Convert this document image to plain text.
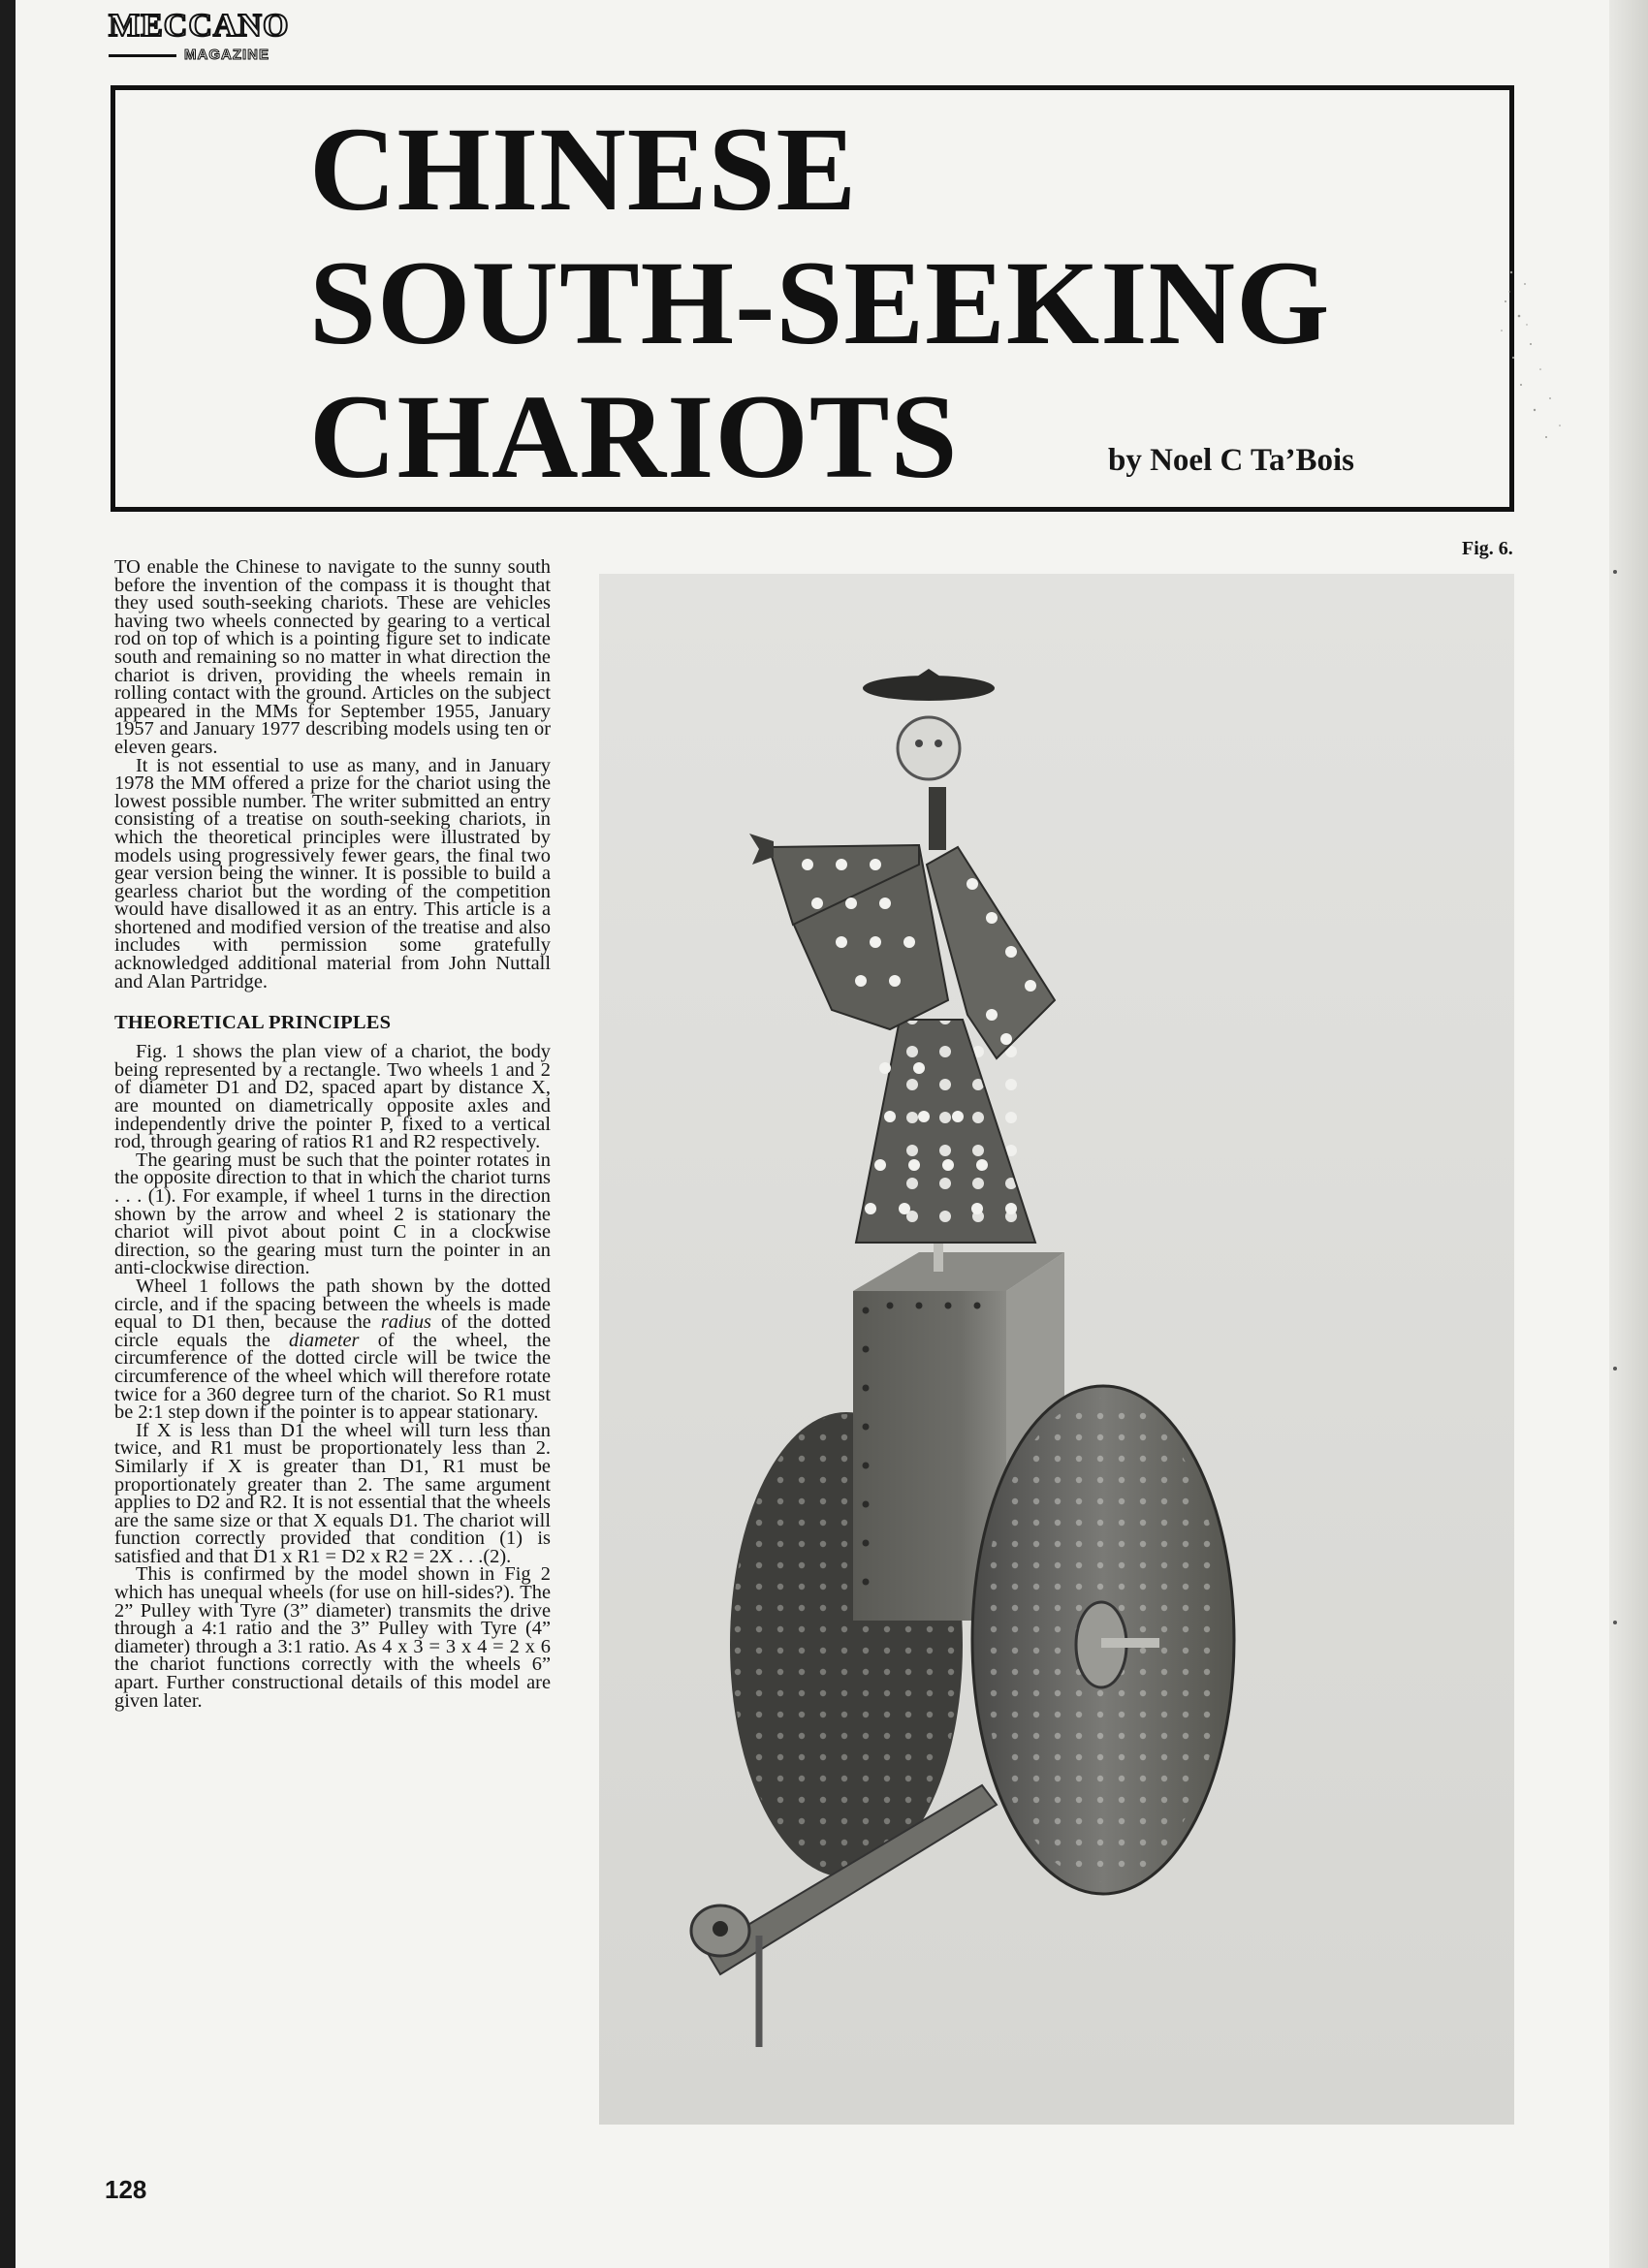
MECCANO
MAGAZINE
CHINESE
SOUTH-SEEKING
CHARIOTS	by Noel C Ta’Bois
Fig. 6.

TO enable the Chinese to navigate to the sunny south before the invention of the compass it is thought that they used south-seeking chariots. These are vehicles having two wheels connected by gearing to a vertical rod on top of which is a pointing figure set to indicate south and remaining so no matter in what direction the chariot is driven, providing the wheels remain in rolling contact with the ground. Articles on the subject appeared in the MMs for September 1955, January 1957 and January 1977 describing models using ten or eleven gears.

It is not essential to use as many, and in January 1978 the MM offered a prize for the chariot using the lowest possible number. The writer submitted an entry consisting of a treatise on south-seeking chariots, in which the theoretical principles were illustrated by models using progressively fewer gears, the final two gear version being the winner. It is possible to build a gearless chariot but the wording of the competition would have disallowed it as an entry. This article is a shortened and modified version of the treatise and also includes with permission some gratefully acknowledged additional material from John Nuttall and Alan Partridge.

THEORETICAL PRINCIPLES

Fig. 1 shows the plan view of a chariot, the body being represented by a rectangle. Two wheels 1 and 2 of diameter D1 and D2, spaced apart by distance X, are mounted on diametrically opposite axles and independently drive the pointer P, fixed to a vertical rod, through gearing of ratios R1 and R2 respectively.

The gearing must be such that the pointer rotates in the opposite direction to that in which the chariot turns . . . (1). For example, if wheel 1 turns in the direction shown by the arrow and wheel 2 is stationary the chariot will pivot about point C in a clockwise direction, so the gearing must turn the pointer in an anti-clockwise direction.

Wheel 1 follows the path shown by the dotted circle, and if the spacing between the wheels is made equal to D1 then, because the radius of the dotted circle equals the diameter of the wheel, the circumference of the dotted circle will be twice the circumference of the wheel which will therefore rotate twice for a 360 degree turn of the chariot. So R1 must be 2:1 step down if the pointer is to appear stationary.

If X is less than D1 the wheel will turn less than twice, and R1 must be proportionately less than 2. Similarly if X is greater than D1, R1 must be proportionately greater than 2. The same argument applies to D2 and R2. It is not essential that the wheels are the same size or that X equals D1. The chariot will function correctly provided that condition (1) is satisfied and that D1 x R1 = D2 x R2 = 2X . . .(2).

This is confirmed by the model shown in Fig 2 which has unequal wheels (for use on hill-sides?). The 2” Pulley with Tyre (3” diameter) transmits the drive through a 4:1 ratio and the 3” Pulley with Tyre (4” diameter) through a 3:1 ratio. As 4 x 3 = 3 x 4 = 2 x 6 the chariot functions correctly with the wheels 6” apart. Further constructional details of this model are given later.

128
